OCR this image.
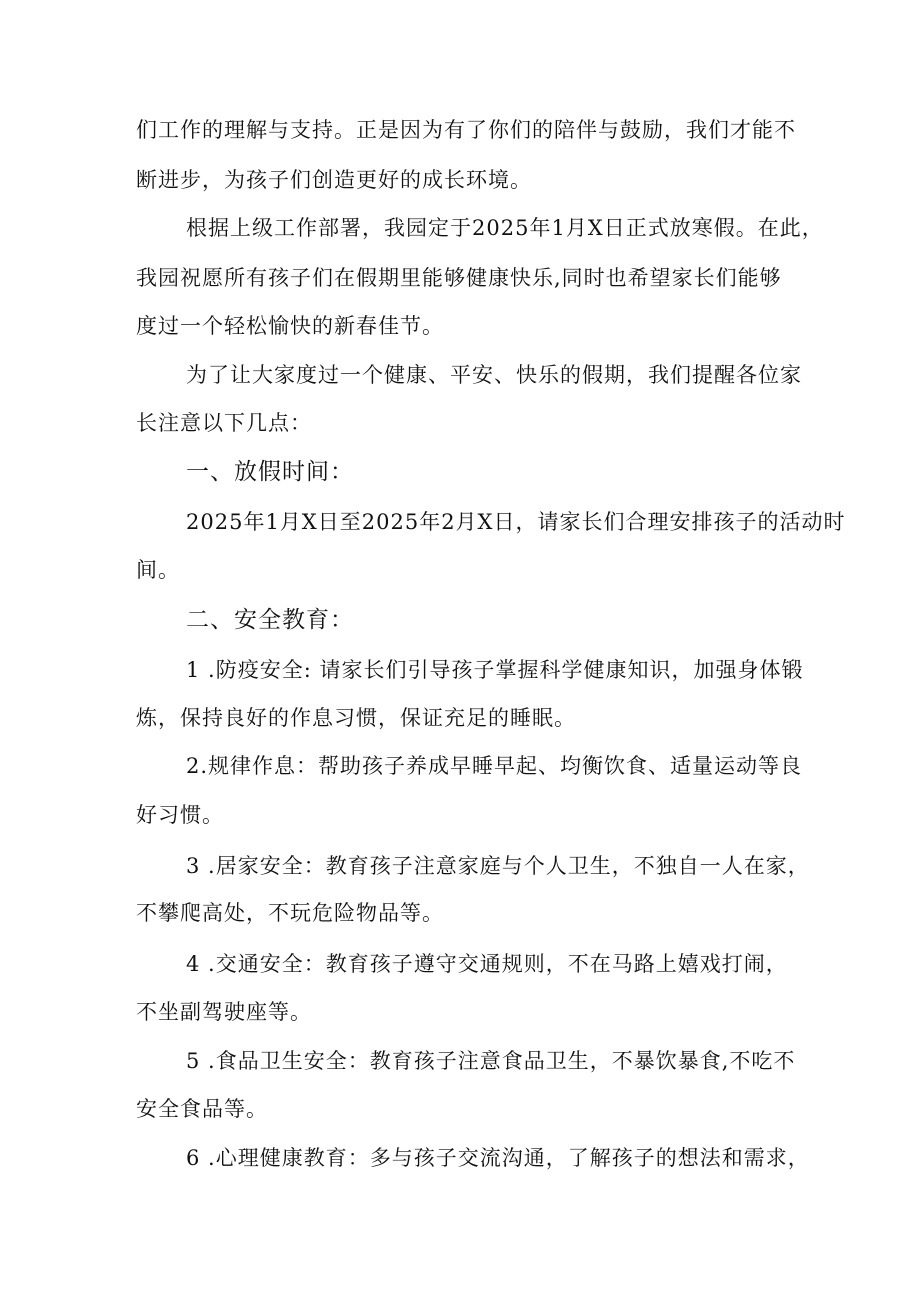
们工作的理解与支持。正是因为有了你们的陪伴与鼓励，我们才能不
断进步，为孩子们创造更好的成长环境。
根据上级工作部署，我园定于2025年1月X日正式放寒假。在此，
我园祝愿所有孩子们在假期里能够健康快乐,同时也希望家长们能够
度过一个轻松愉快的新春佳节。
为了让大家度过一个健康、平安、快乐的假期，我们提醒各位家
长注意以下几点：
一、放假时间：
2025年1月X日至2025年2月X日，请家长们合理安排孩子的活动时
间。
二、安全教育：
1 .防疫安全: 请家长们引导孩子掌握科学健康知识，加强身体锻
炼，保持良好的作息习惯，保证充足的睡眠。
2.规律作息：帮助孩子养成早睡早起、均衡饮食、适量运动等良
好习惯。
3 .居家安全：教育孩子注意家庭与个人卫生，不独自一人在家，
不攀爬高处，不玩危险物品等。
4 .交通安全：教育孩子遵守交通规则，不在马路上嬉戏打闹，
不坐副驾驶座等。
5 .食品卫生安全：教育孩子注意食品卫生，不暴饮暴食,不吃不
安全食品等。
6 .心理健康教育：多与孩子交流沟通，了解孩子的想法和需求，
